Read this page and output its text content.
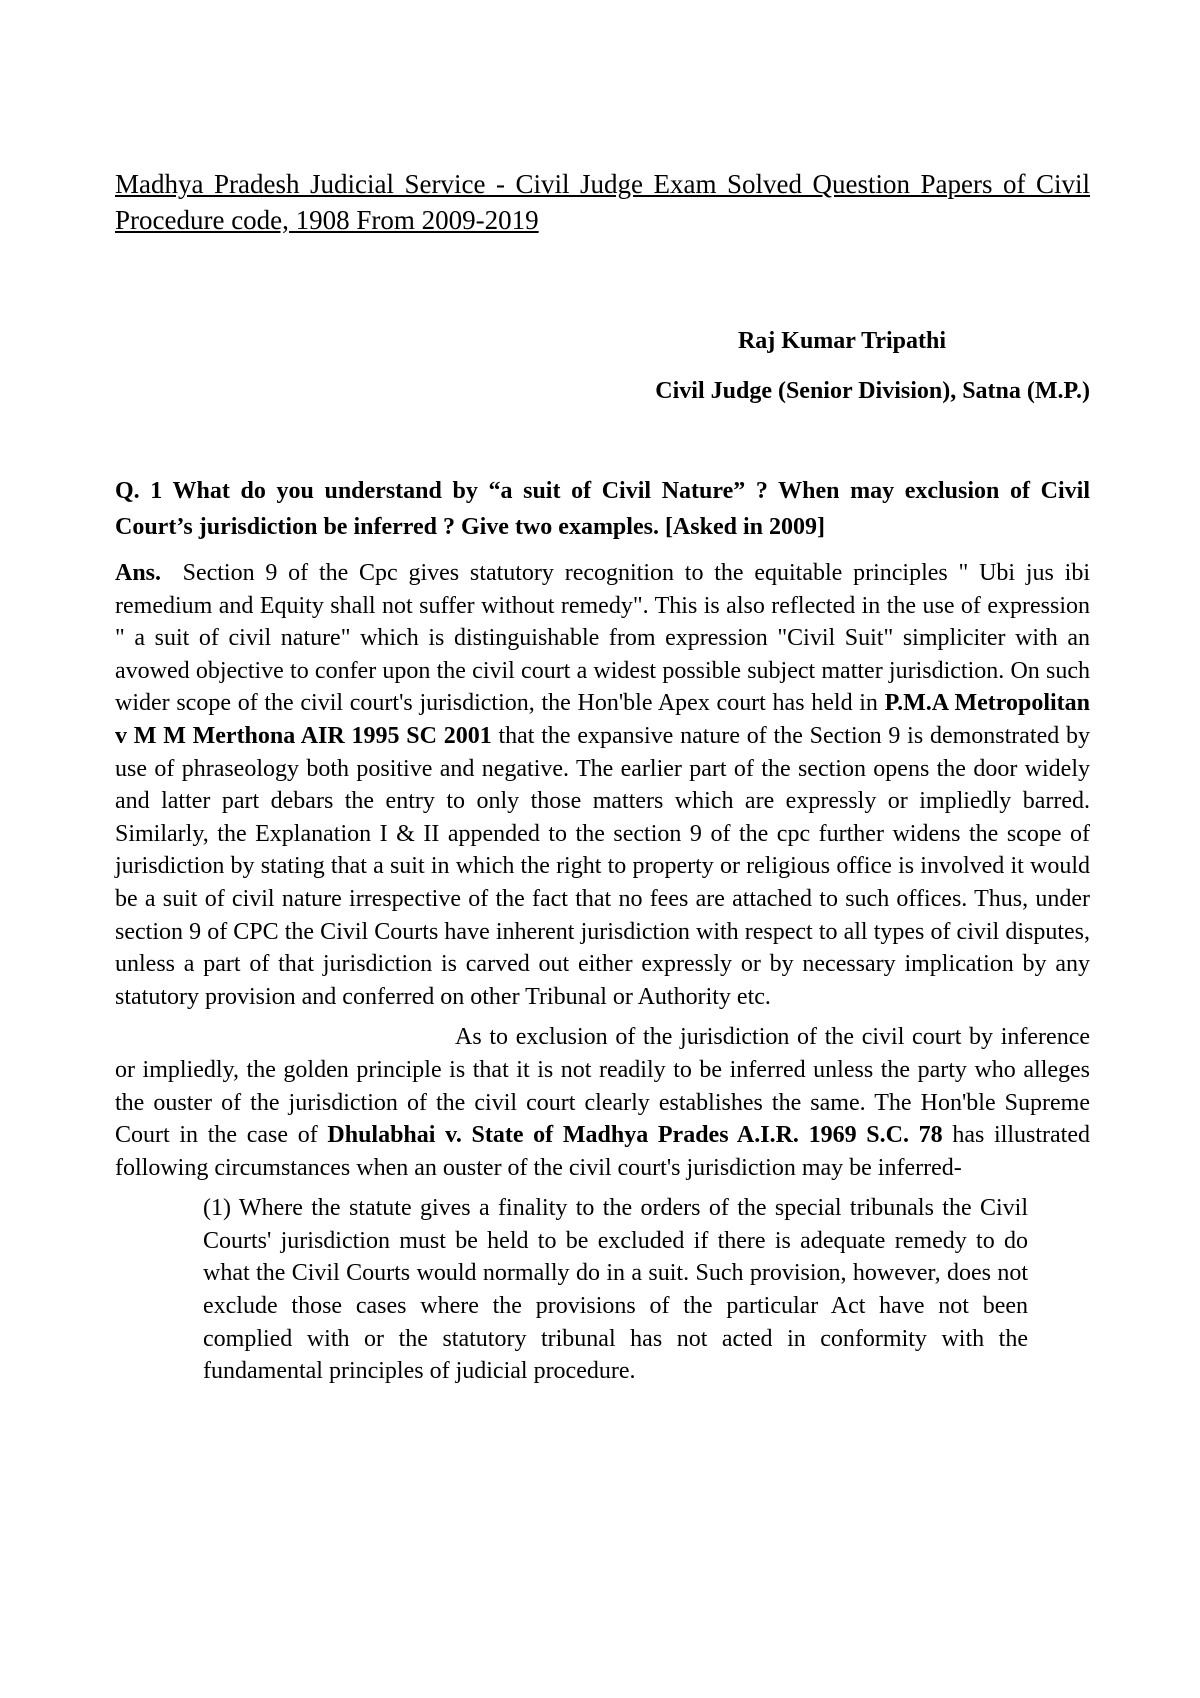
Madhya Pradesh Judicial Service - Civil Judge Exam Solved Question Papers of Civil Procedure code, 1908 From 2009-2019

Raj Kumar Tripathi
Civil Judge (Senior Division), Satna (M.P.)
Q. 1 What do you understand by “a suit of Civil Nature” ? When may exclusion of Civil Court’s jurisdiction be inferred ? Give two examples. [Asked in 2009]
Ans. Section 9 of the Cpc gives statutory recognition to the equitable principles " Ubi jus ibi remedium and Equity shall not suffer without remedy". This is also reflected in the use of expression " a suit of civil nature" which is distinguishable from expression "Civil Suit" simpliciter with an avowed objective to confer upon the civil court a widest possible subject matter jurisdiction. On such wider scope of the civil court's jurisdiction, the Hon'ble Apex court has held in P.M.A Metropolitan v M M Merthona AIR 1995 SC 2001 that the expansive nature of the Section 9 is demonstrated by use of phraseology both positive and negative. The earlier part of the section opens the door widely and latter part debars the entry to only those matters which are expressly or impliedly barred. Similarly, the Explanation I & II appended to the section 9 of the cpc further widens the scope of jurisdiction by stating that a suit in which the right to property or religious office is involved it would be a suit of civil nature irrespective of the fact that no fees are attached to such offices. Thus, under section 9 of CPC the Civil Courts have inherent jurisdiction with respect to all types of civil disputes, unless a part of that jurisdiction is carved out either expressly or by necessary implication by any statutory provision and conferred on other Tribunal or Authority etc.
As to exclusion of the jurisdiction of the civil court by inference or impliedly, the golden principle is that it is not readily to be inferred unless the party who alleges the ouster of the jurisdiction of the civil court clearly establishes the same. The Hon'ble Supreme Court in the case of Dhulabhai v. State of Madhya Prades A.I.R. 1969 S.C. 78 has illustrated following circumstances when an ouster of the civil court's jurisdiction may be inferred-
(1) Where the statute gives a finality to the orders of the special tribunals the Civil Courts' jurisdiction must be held to be excluded if there is adequate remedy to do what the Civil Courts would normally do in a suit. Such provision, however, does not exclude those cases where the provisions of the particular Act have not been complied with or the statutory tribunal has not acted in conformity with the fundamental principles of judicial procedure.
